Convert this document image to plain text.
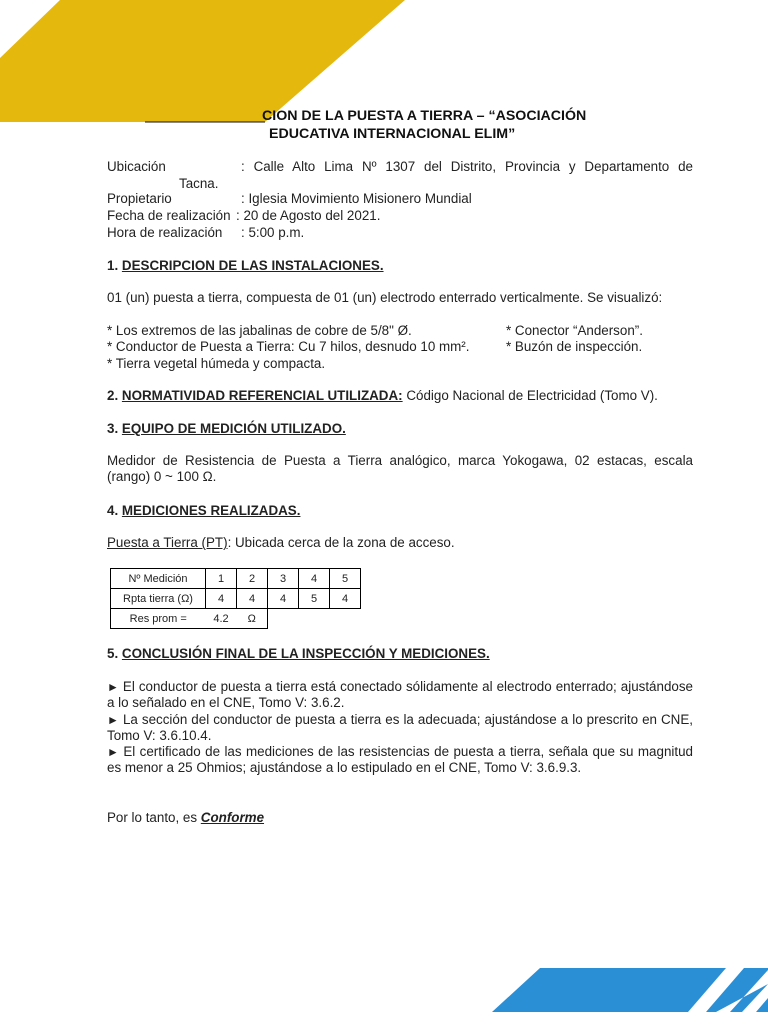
CION DE LA PUESTA A TIERRA – “ASOCIACIÓN
EDUCATIVA INTERNACIONAL ELIM”
Ubicación	: Calle Alto Lima Nº 1307 del Distrito, Provincia y Departamento de
Tacna.
Propietario	: Iglesia Movimiento Misionero Mundial
Fecha de realización : 20 de Agosto del 2021.
Hora de realización : 5:00 p.m.
1. DESCRIPCION DE LAS INSTALACIONES.
01 (un) puesta a tierra, compuesta de 01 (un) electrodo enterrado verticalmente. Se visualizó:
* Los extremos de las jabalinas de cobre de 5/8" Ø.
* Conductor de Puesta a Tierra: Cu 7 hilos, desnudo 10 mm².
* Tierra vegetal húmeda y compacta.
* Conector “Anderson”.
* Buzón de inspección.
2. NORMATIVIDAD REFERENCIAL UTILIZADA: Código Nacional de Electricidad (Tomo V).
3. EQUIPO DE MEDICIÓN UTILIZADO.
Medidor de Resistencia de Puesta a Tierra analógico, marca Yokogawa, 02 estacas, escala (rango) 0 ~ 100 Ω.
4. MEDICIONES REALIZADAS.
Puesta a Tierra (PT): Ubicada cerca de la zona de acceso.
Nº Medición	1	2	3	4	5
Rpta tierra (Ω)	4	4	4	5	4
Res prom =	4.2	Ω			
5. CONCLUSIÓN FINAL DE LA INSPECCIÓN Y MEDICIONES.
► El conductor de puesta a tierra está conectado sólidamente al electrodo enterrado; ajustándose a lo señalado en el CNE, Tomo V: 3.6.2.
► La sección del conductor de puesta a tierra es la adecuada; ajustándose a lo prescrito en CNE, Tomo V: 3.6.10.4.
► El certificado de las mediciones de las resistencias de puesta a tierra, señala que su magnitud es menor a 25 Ohmios; ajustándose a lo estipulado en el CNE, Tomo V: 3.6.9.3.
Por lo tanto, es Conforme
